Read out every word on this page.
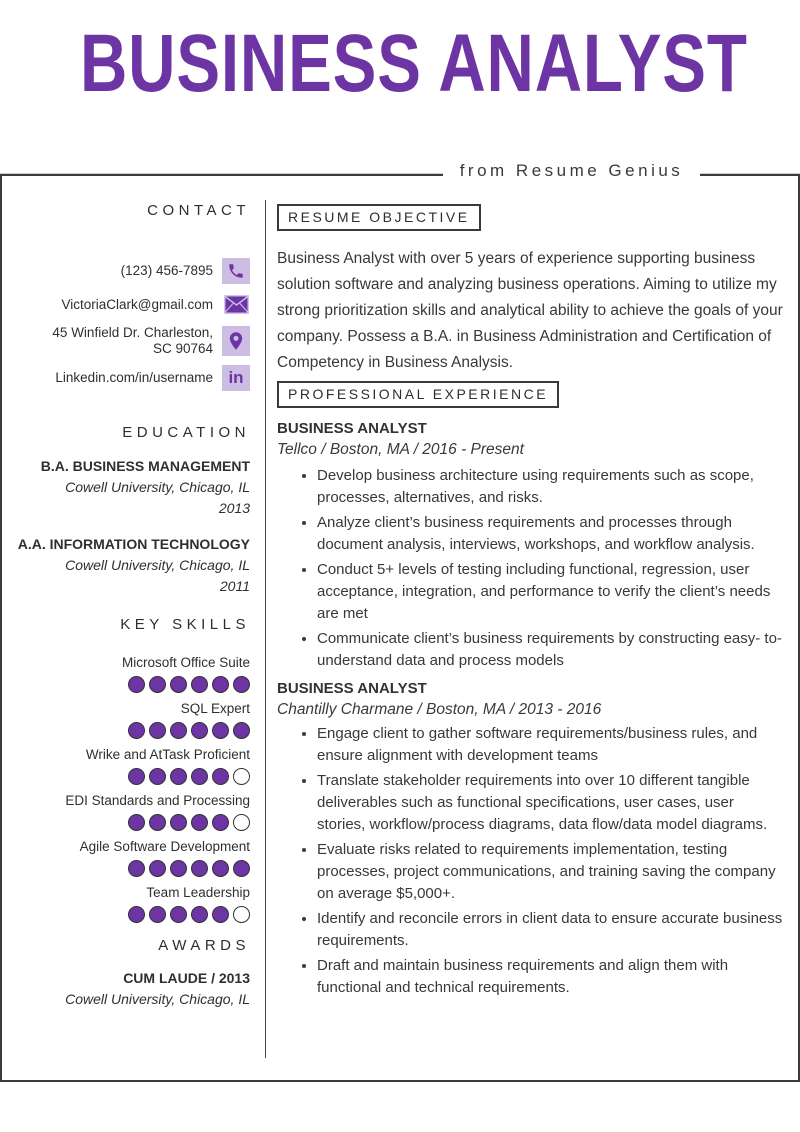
BUSINESS ANALYST
from Resume Genius
CONTACT
(123) 456-7895
VictoriaClark@gmail.com
45 Winfield Dr. Charleston, SC 90764
Linkedin.com/in/username in
EDUCATION
B.A. BUSINESS MANAGEMENT
Cowell University, Chicago, IL
2013
A.A. INFORMATION TECHNOLOGY
Cowell University, Chicago, IL
2011
KEY SKILLS
Microsoft Office Suite
SQL Expert
Wrike and AtTask Proficient
EDI Standards and Processing
Agile Software Development
Team Leadership
AWARDS
CUM LAUDE / 2013
Cowell University, Chicago, IL
RESUME OBJECTIVE
Business Analyst with over 5 years of experience supporting business solution software and analyzing business operations. Aiming to utilize my strong prioritization skills and analytical ability to achieve the goals of your company. Possess a B.A. in Business Administration and Certification of Competency in Business Analysis.
PROFESSIONAL EXPERIENCE
BUSINESS ANALYST
Tellco / Boston, MA / 2016 - Present
• Develop business architecture using requirements such as scope, processes, alternatives, and risks.
• Analyze client’s business requirements and processes through document analysis, interviews, workshops, and workflow analysis.
• Conduct 5+ levels of testing including functional, regression, user acceptance, integration, and performance to verify the client’s needs are met
• Communicate client’s business requirements by constructing easy- to-understand data and process models
BUSINESS ANALYST
Chantilly Charmane / Boston, MA / 2013 - 2016
• Engage client to gather software requirements/business rules, and ensure alignment with development teams
• Translate stakeholder requirements into over 10 different tangible deliverables such as functional specifications, user cases, user stories, workflow/process diagrams, data flow/data model diagrams.
• Evaluate risks related to requirements implementation, testing processes, project communications, and training saving the company on average $5,000+.
• Identify and reconcile errors in client data to ensure accurate business requirements.
• Draft and maintain business requirements and align them with functional and technical requirements.
